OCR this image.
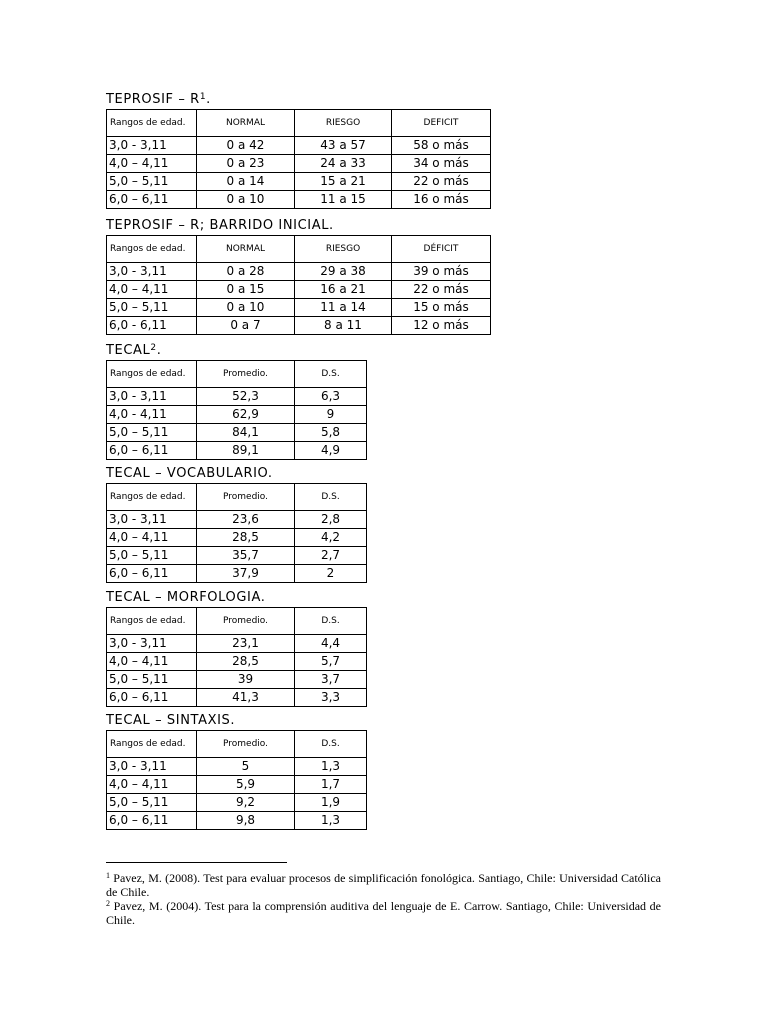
TEPROSIF – $R^1$.
Rangos de edad.	NORMAL	RIESGO	DEFICIT
3,0 - 3,11	0 a 42	43 a 57	58 o más
4,0 – 4,11	0 a 23	24 a 33	34 o más
5,0 – 5,11	0 a 14	15 a 21	22 o más
6,0 – 6,11	0 a 10	11 a 15	16 o más
TEPROSIF – R; BARRIDO INICIAL.
Rangos de edad.	NORMAL	RIESGO	DÉFICIT
3,0 - 3,11	0 a 28	29 a 38	39 o más
4,0 – 4,11	0 a 15	16 a 21	22 o más
5,0 – 5,11	0 a 10	11 a 14	15 o más
6,0 - 6,11	0 a 7	8 a 11	12 o más
TECAL$^2$.
Rangos de edad.	Promedio.	D.S.
3,0 - 3,11	52,3	6,3
4,0 - 4,11	62,9	9
5,0 – 5,11	84,1	5,8
6,0 – 6,11	89,1	4,9
TECAL – VOCABULARIO.
Rangos de edad.	Promedio.	D.S.
3,0 - 3,11	23,6	2,8
4,0 – 4,11	28,5	4,2
5,0 – 5,11	35,7	2,7
6,0 – 6,11	37,9	2
TECAL – MORFOLOGIA.
Rangos de edad.	Promedio.	D.S.
3,0 - 3,11	23,1	4,4
4,0 – 4,11	28,5	5,7
5,0 – 5,11	39	3,7
6,0 – 6,11	41,3	3,3
TECAL – SINTAXIS.
Rangos de edad.	Promedio.	D.S.
3,0 - 3,11	5	1,3
4,0 – 4,11	5,9	1,7
5,0 – 5,11	9,2	1,9
6,0 – 6,11	9,8	1,3
$^1$ Pavez, M. (2008). Test para evaluar procesos de simplificación fonológica. Santiago, Chile: Universidad Católica de Chile.
$^2$ Pavez, M. (2004). Test para la comprensión auditiva del lenguaje de E. Carrow. Santiago, Chile: Universidad de Chile.
